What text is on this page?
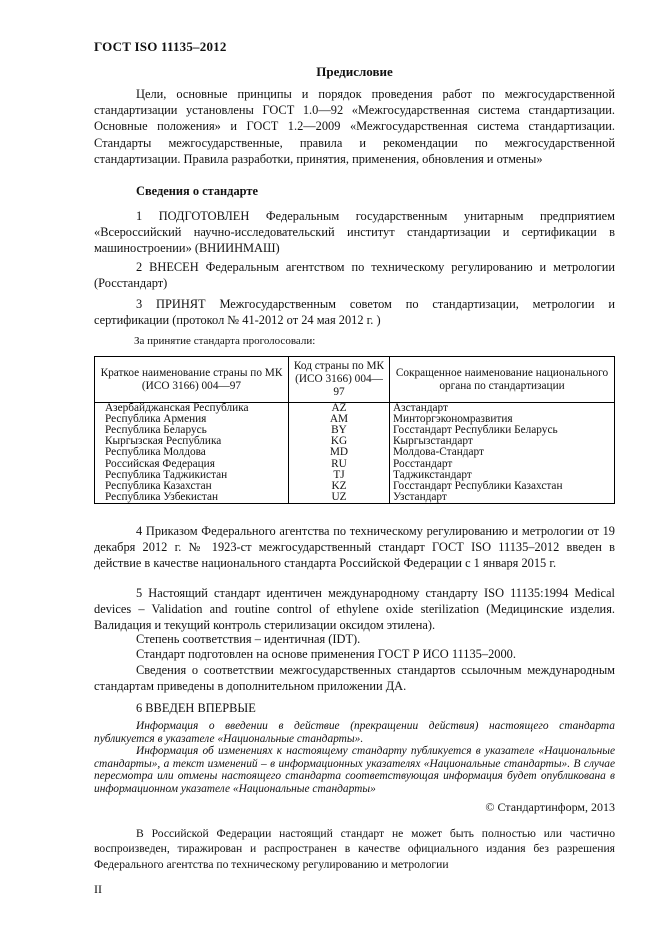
ГОСТ ISO 11135–2012
Предисловие

Цели, основные принципы и порядок проведения работ по межгосударственной стандартизации установлены ГОСТ 1.0—92 «Межгосударственная система стандартизации. Основные положения» и ГОСТ 1.2—2009 «Межгосударственная система стандартизации. Стандарты межгосударственные, правила и рекомендации по межгосударственной стандартизации. Правила разработки, принятия, применения, обновления и отмены»

Сведения о стандарте

1 ПОДГОТОВЛЕН Федеральным государственным унитарным предприятием «Всероссийский научно-исследовательский институт стандартизации и сертификации в машиностроении» (ВНИИНМАШ)

2 ВНЕСЕН Федеральным агентством по техническому регулированию и метрологии (Росстандарт)

3 ПРИНЯТ Межгосударственным советом по стандартизации, метрологии и сертификации (протокол № 41-2012 от 24 мая 2012 г. )

За принятие стандарта проголосовали:
Краткое наименование страны по МК (ИСО 3166) 004—97	Код страны по МК (ИСО 3166) 004—97	Сокращенное наименование национального органа по стандартизации
Азербайджанская Республика	AZ	Азстандарт
Республика Армения	AM	Минторгэкономразвития
Республика Беларусь	BY	Госстандарт Республики Беларусь
Кыргызская Республика	KG	Кыргызстандарт
Республика Молдова	MD	Молдова-Стандарт
Российская Федерация	RU	Росстандарт
Республика Таджикистан	TJ	Таджикстандарт
Республика Казахстан	KZ	Госстандарт Республики Казахстан
Республика Узбекистан	UZ	Узстандарт

4 Приказом Федерального агентства по техническому регулированию и метрологии от 19 декабря 2012 г. № 1923-ст межгосударственный стандарт ГОСТ ISO 11135–2012 введен в действие в качестве национального стандарта Российской Федерации с 1 января 2015 г.

5 Настоящий стандарт идентичен международному стандарту ISO 11135:1994 Medical devices – Validation and routine control of ethylene oxide sterilization (Медицинские изделия. Валидация и текущий контроль стерилизации оксидом этилена).

Степень соответствия – идентичная (IDT).

Стандарт подготовлен на основе применения ГОСТ Р ИСО 11135–2000.

Сведения о соответствии межгосударственных стандартов ссылочным международным стандартам приведены в дополнительном приложении ДА.

6 ВВЕДЕН ВПЕРВЫЕ

Информация о введении в действие (прекращении действия) настоящего стандарта публикуется в указателе «Национальные стандарты».

Информация об изменениях к настоящему стандарту публикуется в указателе «Национальные стандарты», а текст изменений – в информационных указателях «Национальные стандарты». В случае пересмотра или отмены настоящего стандарта соответствующая информация будет опубликована в информационном указателе «Национальные стандарты»

© Стандартинформ, 2013

В Российской Федерации настоящий стандарт не может быть полностью или частично воспроизведен, тиражирован и распространен в качестве официального издания без разрешения Федерального агентства по техническому регулированию и метрологии

II
